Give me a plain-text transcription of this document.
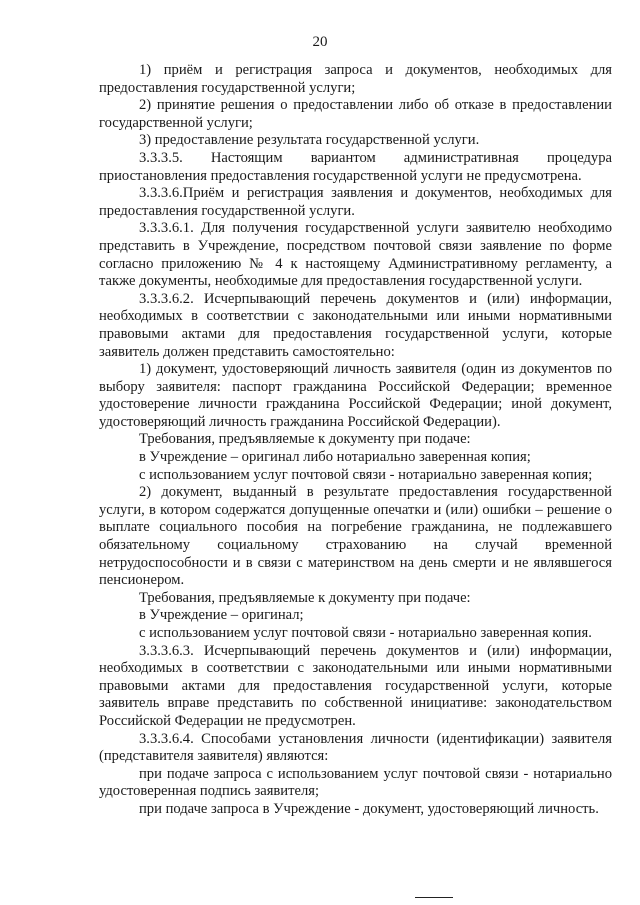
20

1) приём и регистрация запроса и документов, необходимых для предоставления государственной услуги;

2) принятие решения о предоставлении либо об отказе в предоставлении государственной услуги;

3) предоставление результата государственной услуги.

3.3.3.5. Настоящим вариантом административная процедура приостановления предоставления государственной услуги не предусмотрена.

3.3.3.6.Приём и регистрация заявления и документов, необходимых для предоставления государственной услуги.

3.3.3.6.1. Для получения государственной услуги заявителю необходимо представить в Учреждение, посредством почтовой связи заявление по форме согласно приложению № 4 к настоящему Административному регламенту, а также документы, необходимые для предоставления государственной услуги.

3.3.3.6.2. Исчерпывающий перечень документов и (или) информации, необходимых в соответствии с законодательными или иными нормативными правовыми актами для предоставления государственной услуги, которые заявитель должен представить самостоятельно:

1) документ, удостоверяющий личность заявителя (один из документов по выбору заявителя: паспорт гражданина Российской Федерации; временное удостоверение личности гражданина Российской Федерации; иной документ, удостоверяющий личность гражданина Российской Федерации).

Требования, предъявляемые к документу при подаче:

в Учреждение – оригинал либо нотариально заверенная копия;

с использованием услуг почтовой связи - нотариально заверенная копия;

2) документ, выданный в результате предоставления государственной услуги, в котором содержатся допущенные опечатки и (или) ошибки – решение о выплате социального пособия на погребение гражданина, не подлежавшего обязательному социальному страхованию на случай временной нетрудоспособности и в связи с материнством на день смерти и не являвшегося пенсионером.

Требования, предъявляемые к документу при подаче:

в Учреждение – оригинал;

с использованием услуг почтовой связи - нотариально заверенная копия.

3.3.3.6.3. Исчерпывающий перечень документов и (или) информации, необходимых в соответствии с законодательными или иными нормативными правовыми актами для предоставления государственной услуги, которые заявитель вправе представить по собственной инициативе: законодательством Российской Федерации не предусмотрен.

3.3.3.6.4. Способами установления личности (идентификации) заявителя (представителя заявителя) являются:

при подаче запроса с использованием услуг почтовой связи - нотариально удостоверенная подпись заявителя;

при подаче запроса в Учреждение - документ, удостоверяющий личность.
